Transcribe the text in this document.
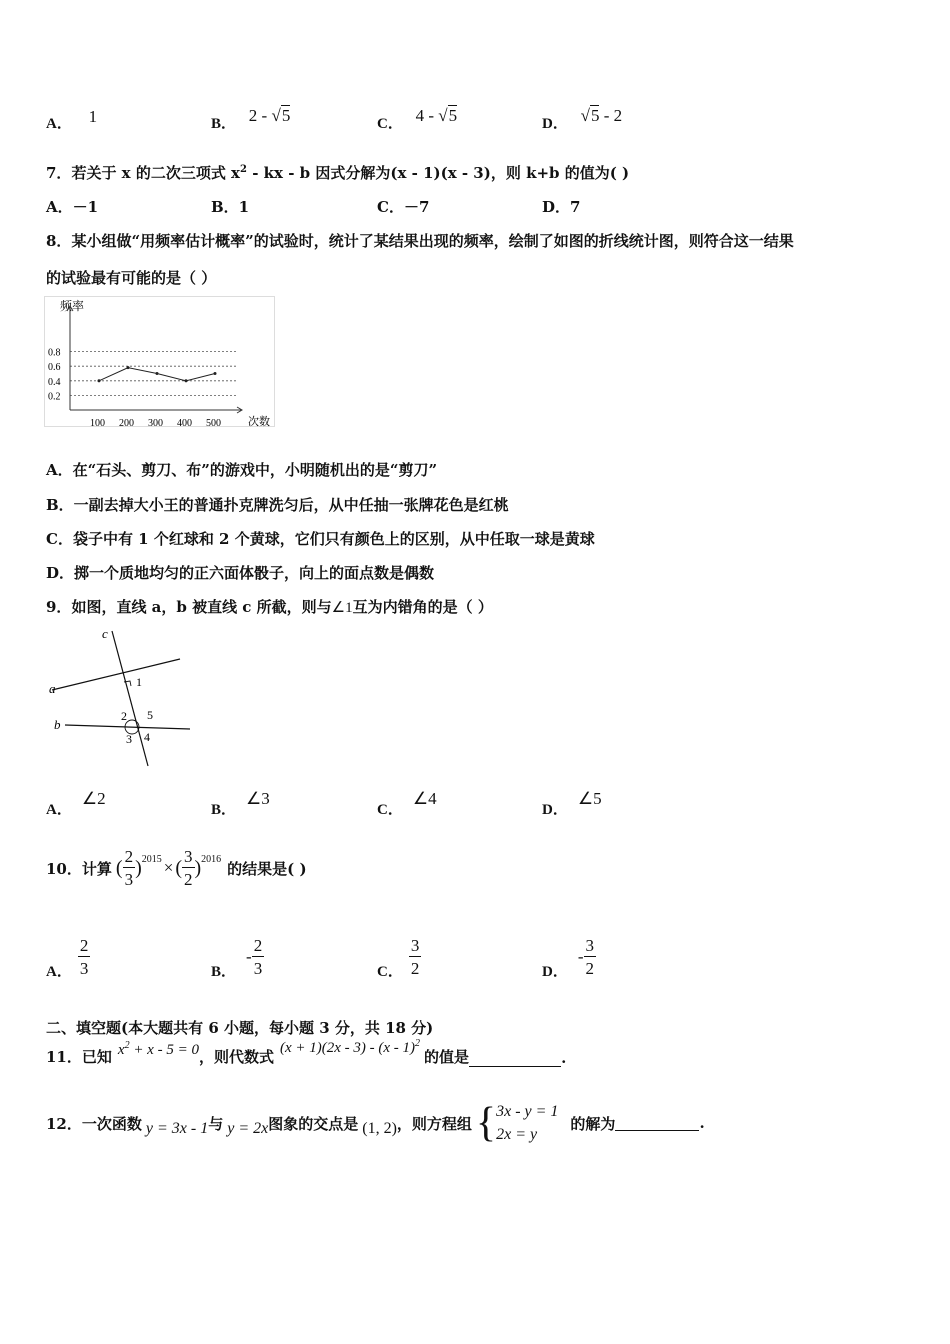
A． 1	B． 2 - √5	C． 4 - √5	D． √5 - 2
7．若关于 x 的二次三项式 $x^2$ - kx - b 因式分解为(x - 1)(x - 3)，则 k+b 的值为( )
A．－1	B．1	C．－7	D．7
8．某小组做“用频率估计概率”的试验时，统计了某结果出现的频率，绘制了如图的折线统计图，则符合这一结果
的试验最有可能的是（ ）
频率
次数
0.2
0.4
0.6
0.8
100 200 300 400 500
A．在“石头、剪刀、布”的游戏中，小明随机出的是“剪刀”
B．一副去掉大小王的普通扑克牌洗匀后，从中任抽一张牌花色是红桃
C．袋子中有 1 个红球和 2 个黄球，它们只有颜色上的区别，从中任取一球是黄球
D．掷一个质地均匀的正六面体骰子，向上的面点数是偶数
9．如图，直线 a，b 被直线 c 所截，则与∠1互为内错角的是（ ）
c
a
b
1
2 5
3 4
A．∠2
B．∠3
C．∠4
D．∠5
10． 计算 ( $\frac{2}{3}$ ) 2015 × ( $\frac{3}{2}$ ) 2016 的结果是( )
A． $\frac{2}{3}$	B．
- $\frac{2}{3}$	C． $\frac{3}{2}$	D．
- $\frac{3}{2}$
二、填空题(本大题共有 6 小题，每小题 3 分，共 18 分)
11． 已知 $x^2 + x - 5 = 0$ ，则代数式 (x + 1)(2x - 3) - (x - 1)$^2$
的值是	.
12． 一次函数 y = 3x - 1 与 y = 2x 图象的交点是 (1, 2) ，则方程组 { 3x - y = 1
2x = y
的解为	.
